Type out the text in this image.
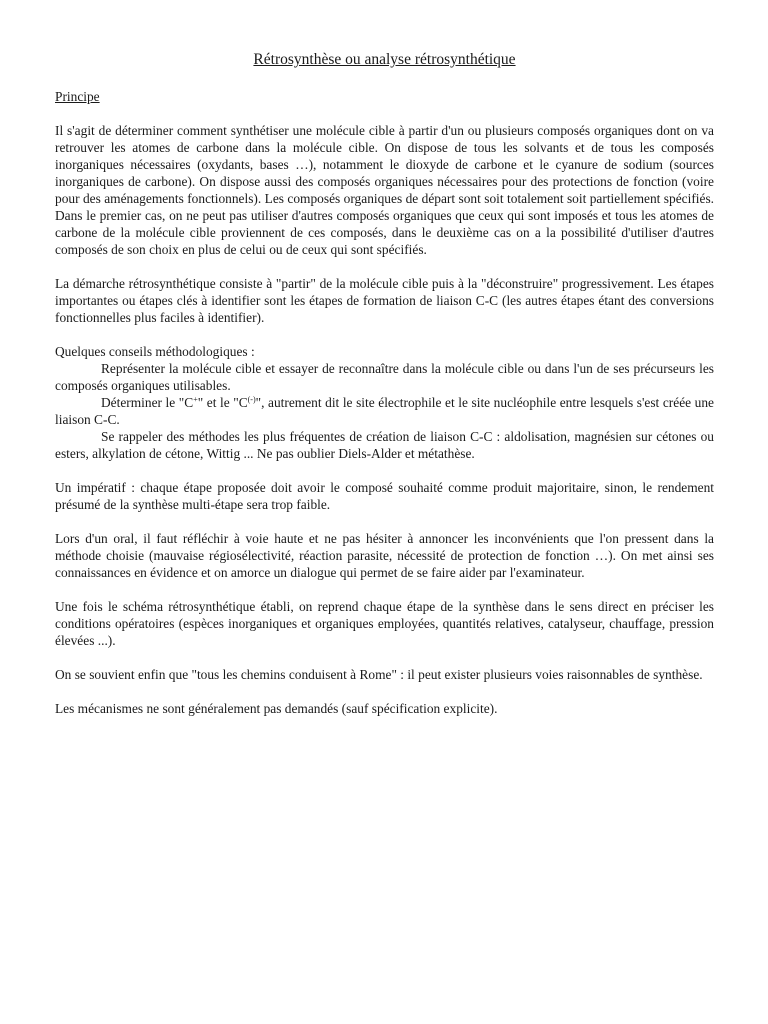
Rétrosynthèse ou analyse rétrosynthétique
Principe

Il s'agit de déterminer comment synthétiser une molécule cible à partir d'un ou plusieurs composés organiques dont on va retrouver les atomes de carbone dans la molécule cible. On dispose de tous les solvants et de tous les composés inorganiques nécessaires (oxydants, bases …), notamment le dioxyde de carbone et le cyanure de sodium (sources inorganiques de carbone). On dispose aussi des composés organiques nécessaires pour des protections de fonction (voire pour des aménagements fonctionnels). Les composés organiques de départ sont soit totalement soit partiellement spécifiés. Dans le premier cas, on ne peut pas utiliser d'autres composés organiques que ceux qui sont imposés et tous les atomes de carbone de la molécule cible proviennent de ces composés, dans le deuxième cas on a la possibilité d'utiliser d'autres composés de son choix en plus de celui ou de ceux qui sont spécifiés.

La démarche rétrosynthétique consiste à "partir" de la molécule cible puis à la "déconstruire" progressivement. Les étapes importantes ou étapes clés à identifier sont les étapes de formation de liaison C-C (les autres étapes étant des conversions fonctionnelles plus faciles à identifier).

Quelques conseils méthodologiques :

Représenter la molécule cible et essayer de reconnaître dans la molécule cible ou dans l'un de ses précurseurs les composés organiques utilisables.

Déterminer le "C+" et le "C(-)", autrement dit le site électrophile et le site nucléophile entre lesquels s'est créée une liaison C-C.

Se rappeler des méthodes les plus fréquentes de création de liaison C-C : aldolisation, magnésien sur cétones ou esters, alkylation de cétone, Wittig ... Ne pas oublier Diels-Alder et métathèse.

Un impératif : chaque étape proposée doit avoir le composé souhaité comme produit majoritaire, sinon, le rendement présumé de la synthèse multi-étape sera trop faible.

Lors d'un oral, il faut réfléchir à voie haute et ne pas hésiter à annoncer les inconvénients que l'on pressent dans la méthode choisie (mauvaise régiosélectivité, réaction parasite, nécessité de protection de fonction …). On met ainsi ses connaissances en évidence et on amorce un dialogue qui permet de se faire aider par l'examinateur.

Une fois le schéma rétrosynthétique établi, on reprend chaque étape de la synthèse dans le sens direct en préciser les conditions opératoires (espèces inorganiques et organiques employées, quantités relatives, catalyseur, chauffage, pression élevées ...).

On se souvient enfin que "tous les chemins conduisent à Rome" : il peut exister plusieurs voies raisonnables de synthèse.

Les mécanismes ne sont généralement pas demandés (sauf spécification explicite).
